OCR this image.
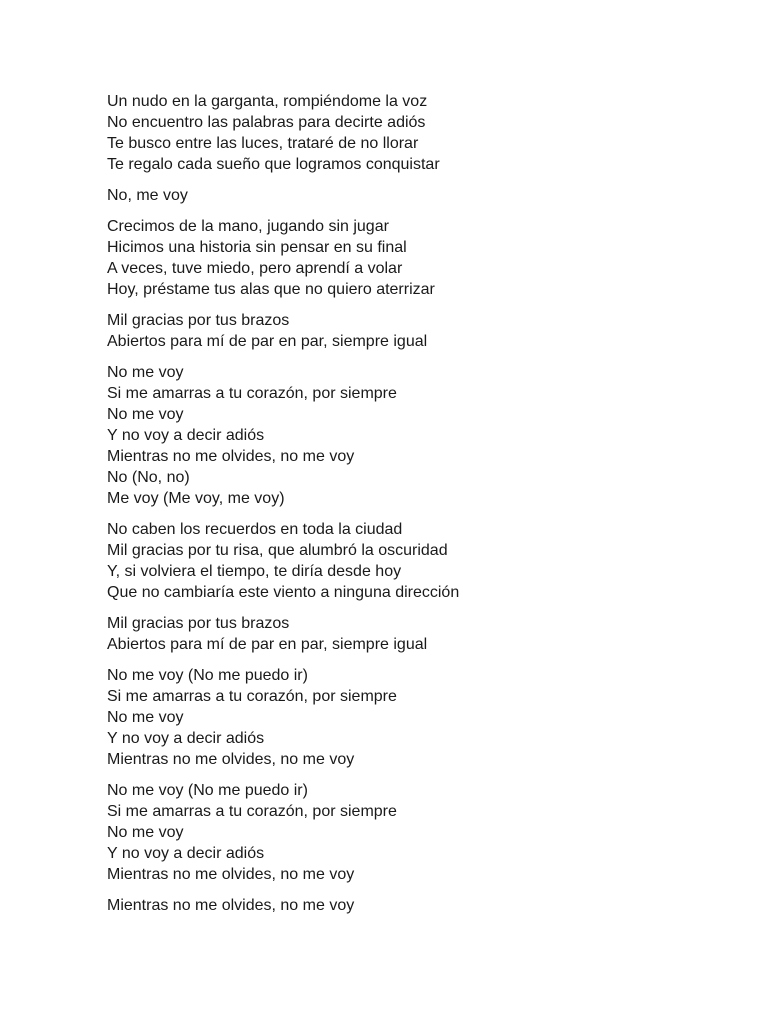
Un nudo en la garganta, rompiéndome la voz
No encuentro las palabras para decirte adiós
Te busco entre las luces, trataré de no llorar
Te regalo cada sueño que logramos conquistar
No, me voy
Crecimos de la mano, jugando sin jugar
Hicimos una historia sin pensar en su final
A veces, tuve miedo, pero aprendí a volar
Hoy, préstame tus alas que no quiero aterrizar
Mil gracias por tus brazos
Abiertos para mí de par en par, siempre igual
No me voy
Si me amarras a tu corazón, por siempre
No me voy
Y no voy a decir adiós
Mientras no me olvides, no me voy
No (No, no)
Me voy (Me voy, me voy)
No caben los recuerdos en toda la ciudad
Mil gracias por tu risa, que alumbró la oscuridad
Y, si volviera el tiempo, te diría desde hoy
Que no cambiaría este viento a ninguna dirección
Mil gracias por tus brazos
Abiertos para mí de par en par, siempre igual
No me voy (No me puedo ir)
Si me amarras a tu corazón, por siempre
No me voy
Y no voy a decir adiós
Mientras no me olvides, no me voy
No me voy (No me puedo ir)
Si me amarras a tu corazón, por siempre
No me voy
Y no voy a decir adiós
Mientras no me olvides, no me voy
Mientras no me olvides, no me voy
